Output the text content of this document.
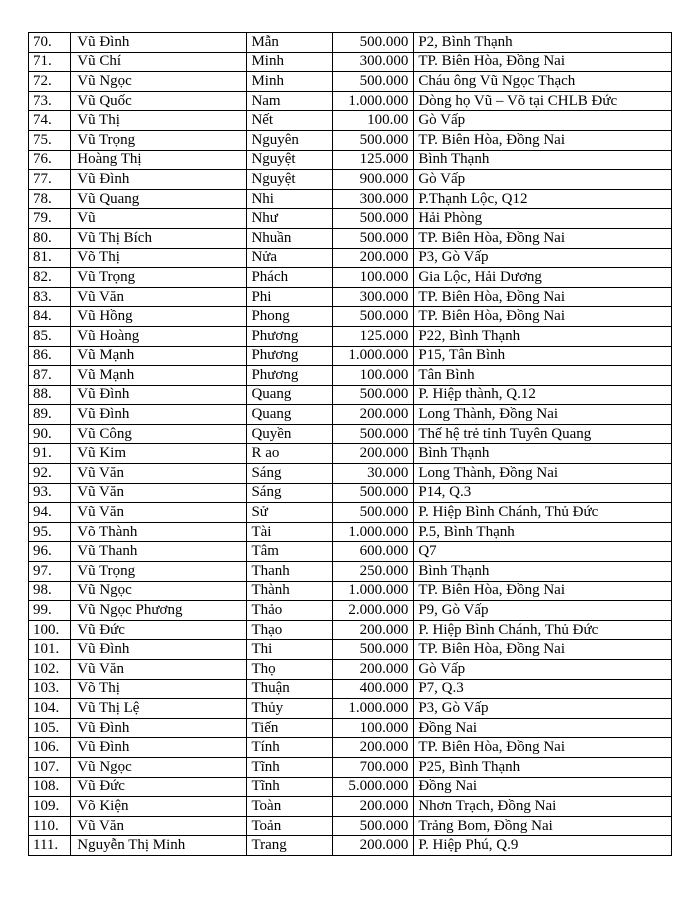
70.	Vũ Đình	Mẫn	500.000	P2, Bình Thạnh
71.	Vũ Chí	Minh	300.000	TP. Biên Hòa, Đồng Nai
72.	Vũ Ngọc	Minh	500.000	Cháu ông Vũ Ngọc Thạch
73.	Vũ Quốc	Nam	1.000.000	Dòng họ Vũ – Võ tại CHLB Đức
74.	Vũ Thị	Nết	100.00	Gò Vấp
75.	Vũ Trọng	Nguyên	500.000	TP. Biên Hòa, Đồng Nai
76.	Hoàng Thị	Nguyệt	125.000	Bình Thạnh
77.	Vũ Đình	Nguyệt	900.000	Gò Vấp
78.	Vũ Quang	Nhi	300.000	P.Thạnh Lộc, Q12
79.	Vũ	Như	500.000	Hải Phòng
80.	Vũ Thị Bích	Nhuần	500.000	TP. Biên Hòa, Đồng Nai
81.	Võ Thị	Nửa	200.000	P3, Gò Vấp
82.	Vũ Trọng	Phách	100.000	Gia Lộc, Hải Dương
83.	Vũ Văn	Phi	300.000	TP. Biên Hòa, Đồng Nai
84.	Vũ Hồng	Phong	500.000	TP. Biên Hòa, Đồng Nai
85.	Vũ Hoàng	Phương	125.000	P22, Bình Thạnh
86.	Vũ Mạnh	Phương	1.000.000	P15, Tân Bình
87.	Vũ Mạnh	Phương	100.000	Tân Bình
88.	Vũ Đình	Quang	500.000	P. Hiệp thành, Q.12
89.	Vũ Đình	Quang	200.000	Long Thành, Đồng Nai
90.	Vũ Công	Quyền	500.000	Thế hệ trẻ tỉnh Tuyên Quang
91.	Vũ Kim	R ao	200.000	Bình Thạnh
92.	Vũ Văn	Sáng	30.000	Long Thành, Đồng Nai
93.	Vũ Văn	Sáng	500.000	P14, Q.3
94.	Vũ Văn	Sử	500.000	P. Hiệp Bình Chánh, Thủ Đức
95.	Võ Thành	Tài	1.000.000	P.5, Bình Thạnh
96.	Vũ Thanh	Tâm	600.000	Q7
97.	Vũ Trọng	Thanh	250.000	Bình Thạnh
98.	Vũ Ngọc	Thành	1.000.000	TP. Biên Hòa, Đồng Nai
99.	Vũ Ngọc Phương	Thảo	2.000.000	P9, Gò Vấp
100.	Vũ Đức	Thạo	200.000	P. Hiệp Bình Chánh, Thủ Đức
101.	Vũ Đình	Thi	500.000	TP. Biên Hòa, Đồng Nai
102.	Vũ Văn	Thọ	200.000	Gò Vấp
103.	Võ Thị	Thuận	400.000	P7, Q.3
104.	Vũ Thị Lệ	Thủy	1.000.000	P3, Gò Vấp
105.	Vũ Đình	Tiến	100.000	Đồng Nai
106.	Vũ Đình	Tính	200.000	TP. Biên Hòa, Đồng Nai
107.	Vũ Ngọc	Tĩnh	700.000	P25, Bình Thạnh
108.	Vũ Đức	Tĩnh	5.000.000	Đồng Nai
109.	Võ Kiện	Toàn	200.000	Nhơn Trạch, Đồng Nai
110.	Vũ Văn	Toản	500.000	Trảng Bom, Đồng Nai
111.	Nguyễn Thị Minh	Trang	200.000	P. Hiệp Phú, Q.9
